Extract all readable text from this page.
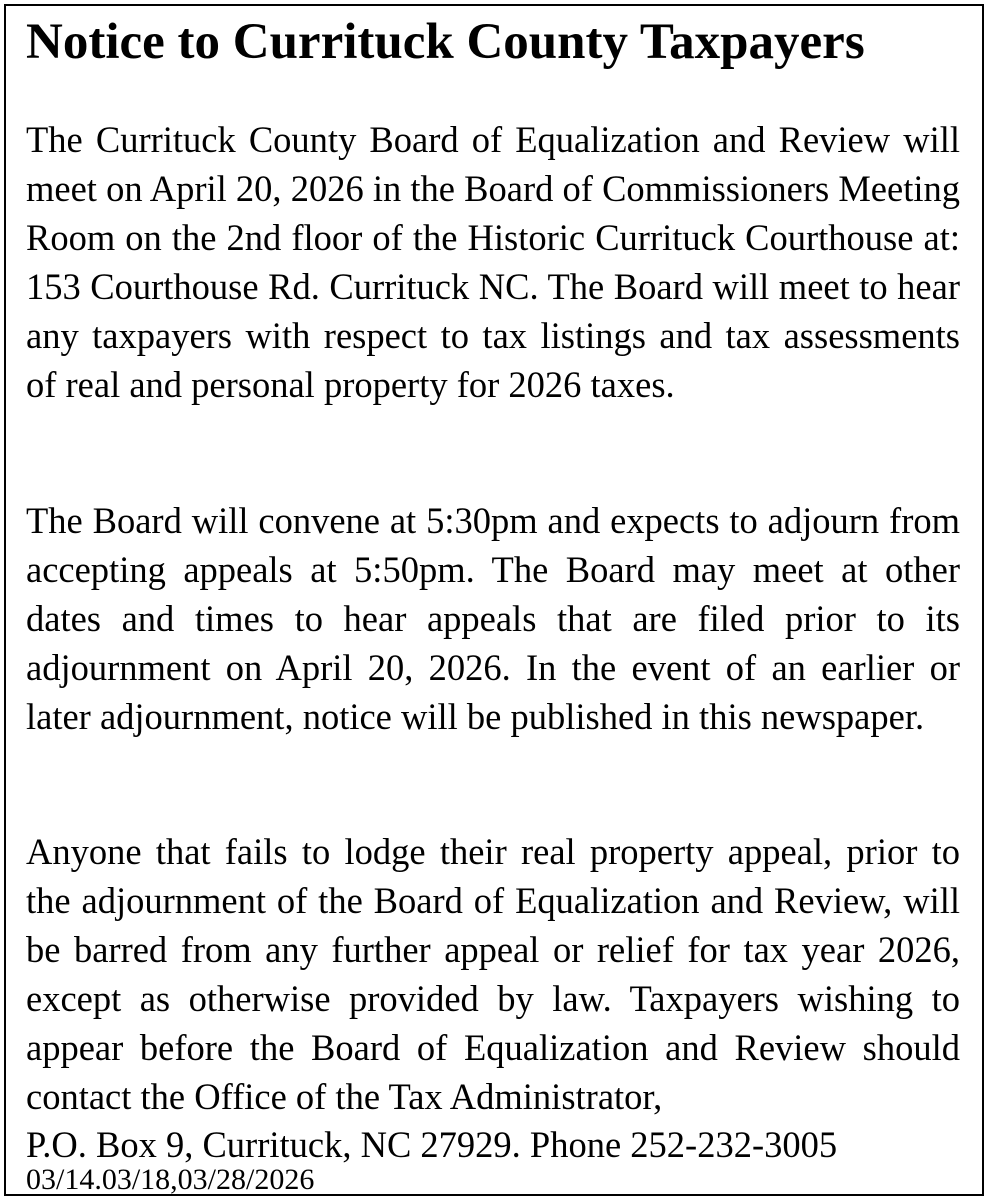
Notice to Currituck County Taxpayers

The Currituck County Board of Equalization and Review will meet on April 20, 2026 in the Board of Commissioners Meeting Room on the 2nd floor of the Historic Currituck Courthouse at: 153 Courthouse Rd. Currituck NC. The Board will meet to hear any taxpayers with respect to tax listings and tax assessments of real and personal property for 2026 taxes.

The Board will convene at 5:30pm and expects to adjourn from accepting appeals at 5:50pm. The Board may meet at other dates and times to hear appeals that are filed prior to its adjournment on April 20, 2026. In the event of an earlier or later adjournment, notice will be published in this newspaper.

Anyone that fails to lodge their real property appeal, prior to the adjournment of the Board of Equalization and Review, will be barred from any further appeal or relief for tax year 2026, except as otherwise provided by law. Taxpayers wishing to appear before the Board of Equalization and Review should contact the Office of the Tax Administrator,

P.O. Box 9, Currituck, NC 27929. Phone 252-232-3005

03/14.03/18,03/28/2026
